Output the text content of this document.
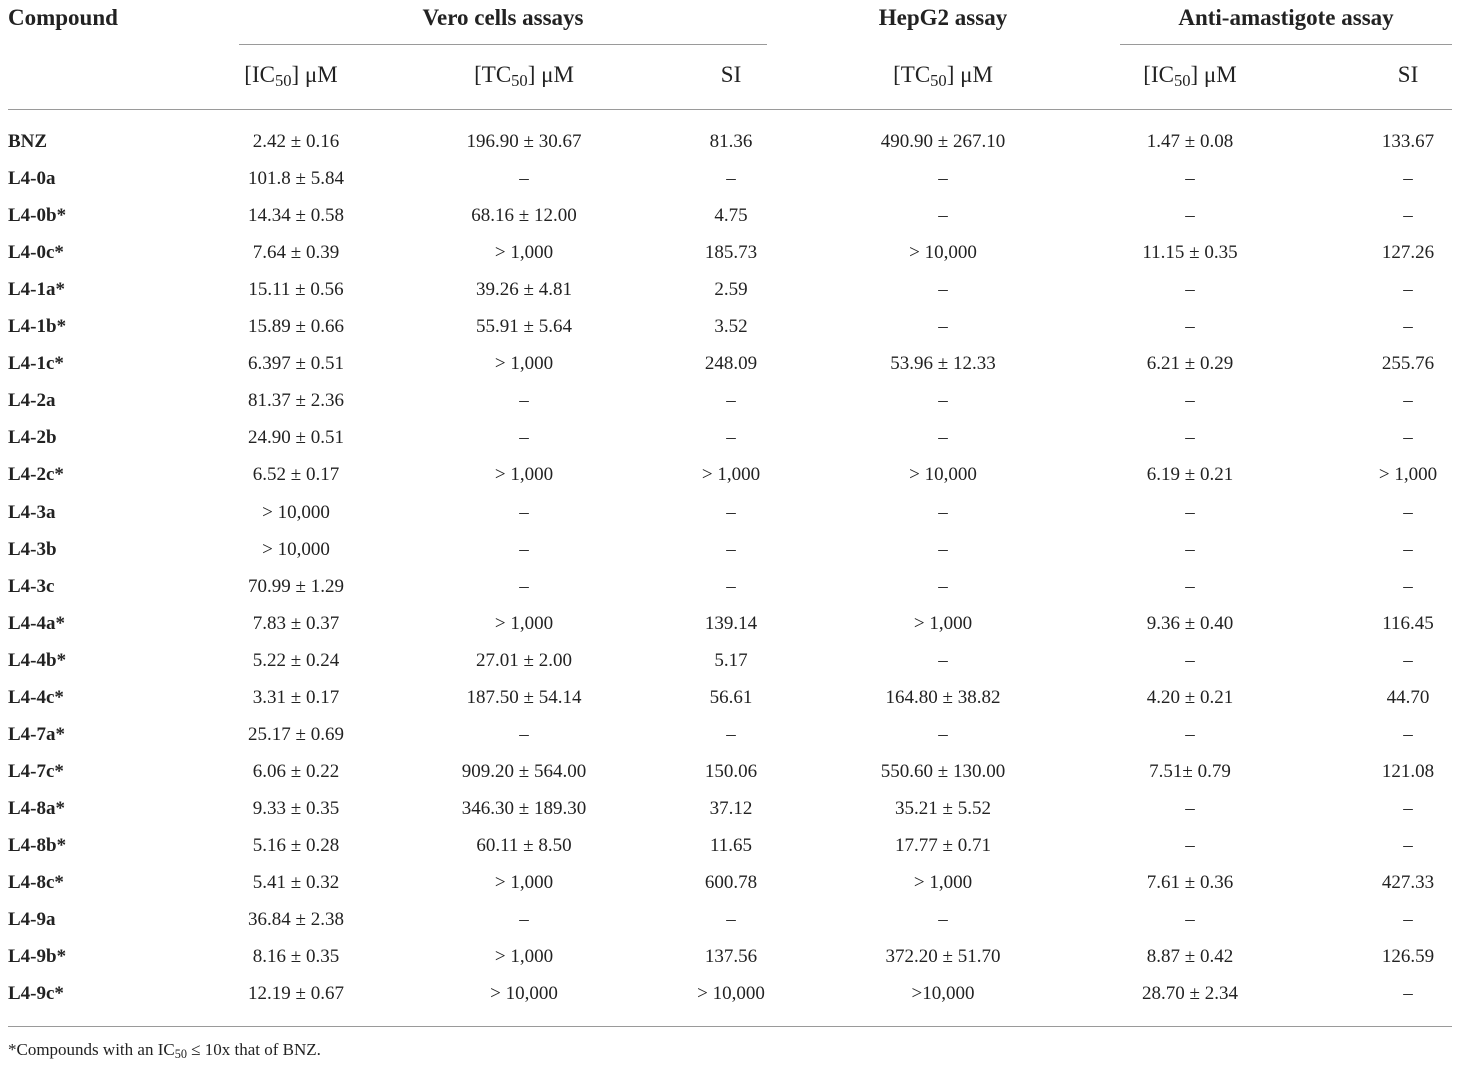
Compound	Vero cells assays	HepG2 assay	Anti-amastigote assay
$[IC_{50}]$ μM	$[TC_{50}]$ μM	SI	$[TC_{50}]$ μM	$[IC_{50}]$ μM	SI
BNZ	2.42 ± 0.16	196.90 ± 30.67	81.36	490.90 ± 267.10	1.47 ± 0.08	133.67
L4-0a	101.8 ± 5.84	–	–	–	–	–
L4-0b*	14.34 ± 0.58	68.16 ± 12.00	4.75	–	–	–
L4-0c*	7.64 ± 0.39	> 1,000	185.73	> 10,000	11.15 ± 0.35	127.26
L4-1a*	15.11 ± 0.56	39.26 ± 4.81	2.59	–	–	–
L4-1b*	15.89 ± 0.66	55.91 ± 5.64	3.52	–	–	–
L4-1c*	6.397 ± 0.51	> 1,000	248.09	53.96 ± 12.33	6.21 ± 0.29	255.76
L4-2a	81.37 ± 2.36	–	–	–	–	–
L4-2b	24.90 ± 0.51	–	–	–	–	–
L4-2c*	6.52 ± 0.17	> 1,000	> 1,000	> 10,000	6.19 ± 0.21	> 1,000
L4-3a	> 10,000	–	–	–	–	–
L4-3b	> 10,000	–	–	–	–	–
L4-3c	70.99 ± 1.29	–	–	–	–	–
L4-4a*	7.83 ± 0.37	> 1,000	139.14	> 1,000	9.36 ± 0.40	116.45
L4-4b*	5.22 ± 0.24	27.01 ± 2.00	5.17	–	–	–
L4-4c*	3.31 ± 0.17	187.50 ± 54.14	56.61	164.80 ± 38.82	4.20 ± 0.21	44.70
L4-7a*	25.17 ± 0.69	–	–	–	–	–
L4-7c*	6.06 ± 0.22	909.20 ± 564.00	150.06	550.60 ± 130.00	7.51± 0.79	121.08
L4-8a*	9.33 ± 0.35	346.30 ± 189.30	37.12	35.21 ± 5.52	–	–
L4-8b*	5.16 ± 0.28	60.11 ± 8.50	11.65	17.77 ± 0.71	–	–
L4-8c*	5.41 ± 0.32	> 1,000	600.78	> 1,000	7.61 ± 0.36	427.33
L4-9a	36.84 ± 2.38	–	–	–	–	–
L4-9b*	8.16 ± 0.35	> 1,000	137.56	372.20 ± 51.70	8.87 ± 0.42	126.59
L4-9c*	12.19 ± 0.67	> 10,000	> 10,000	>10,000	28.70 ± 2.34	–
*Compounds with an $IC_{50} \le 10x$ that of BNZ.
